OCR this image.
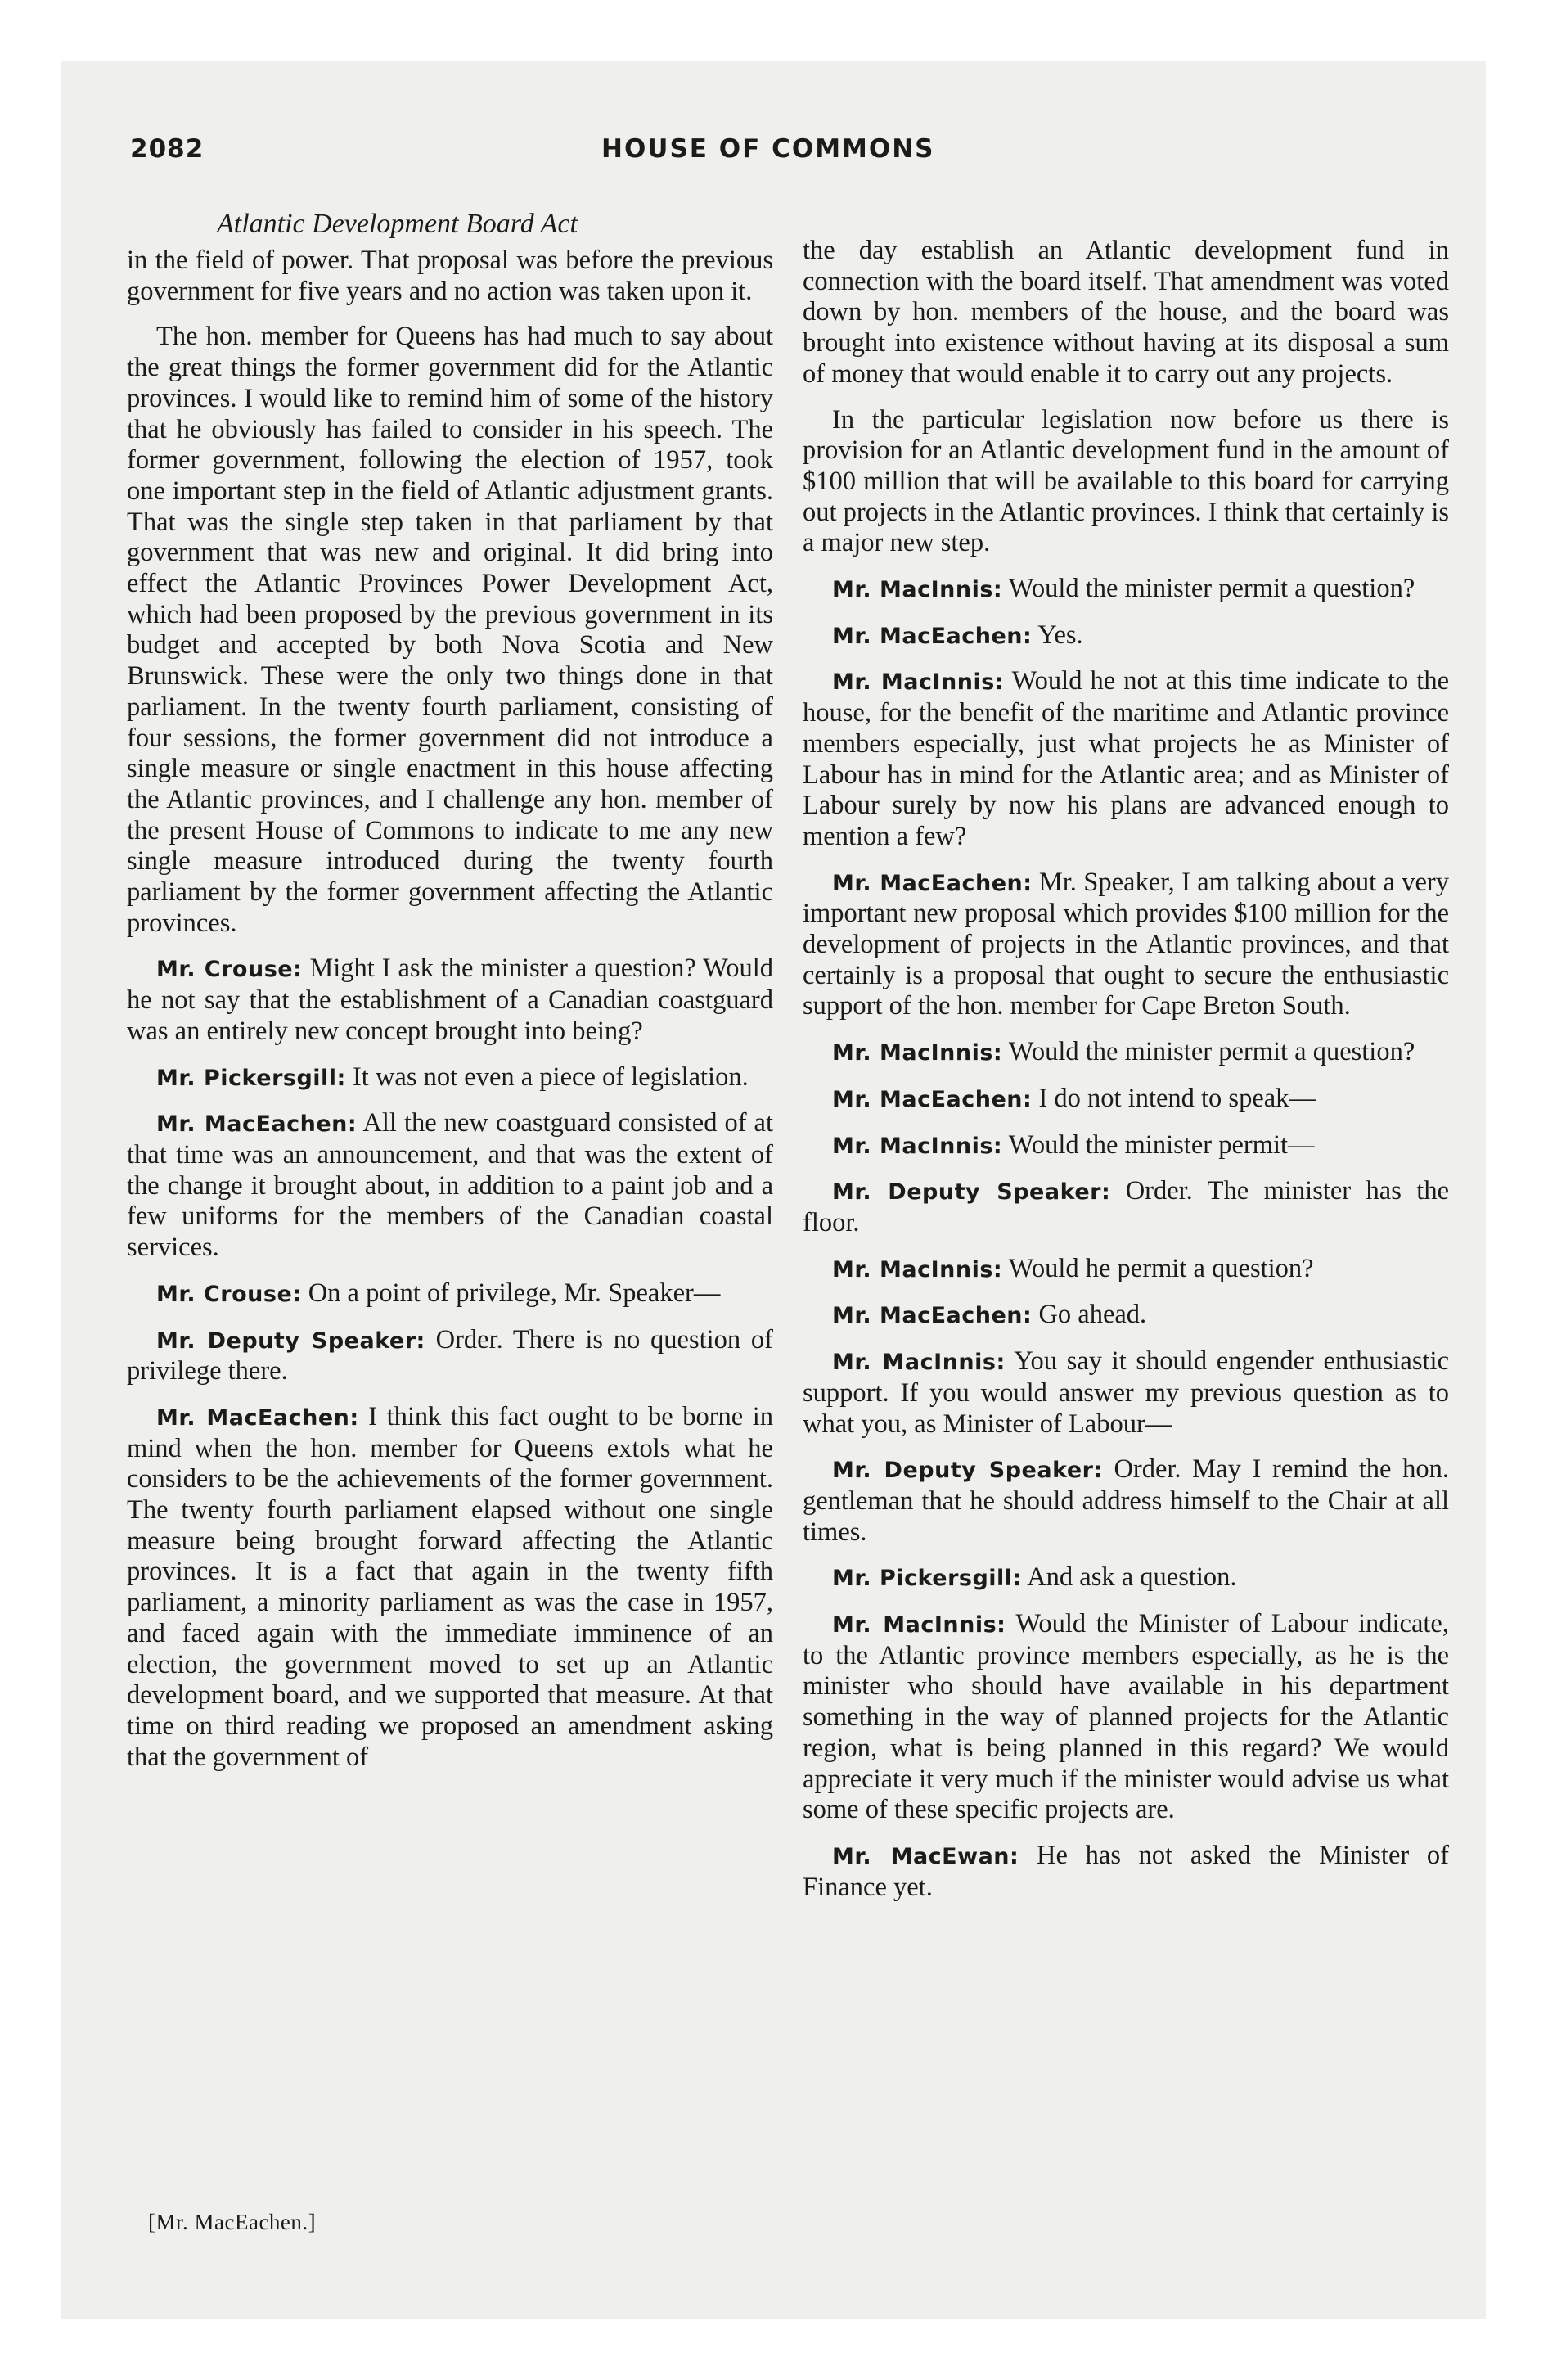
2082	HOUSE OF COMMONS
Atlantic Development Board Act

in the field of power. That proposal was before the previous government for five years and no action was taken upon it.

The hon. member for Queens has had much to say about the great things the former government did for the Atlantic provinces. I would like to remind him of some of the history that he obviously has failed to consider in his speech. The former government, following the election of 1957, took one important step in the field of Atlantic adjustment grants. That was the single step taken in that parliament by that government that was new and original. It did bring into effect the Atlantic Provinces Power Development Act, which had been proposed by the previous government in its budget and accepted by both Nova Scotia and New Brunswick. These were the only two things done in that parliament. In the twenty fourth parliament, consisting of four sessions, the former government did not introduce a single measure or single enactment in this house affecting the Atlantic provinces, and I challenge any hon. member of the present House of Commons to indicate to me any new single measure introduced during the twenty fourth parliament by the former government affecting the Atlantic provinces.

Mr. Crouse: Might I ask the minister a question? Would he not say that the establishment of a Canadian coastguard was an entirely new concept brought into being?

Mr. Pickersgill: It was not even a piece of legislation.

Mr. MacEachen: All the new coastguard consisted of at that time was an announcement, and that was the extent of the change it brought about, in addition to a paint job and a few uniforms for the members of the Canadian coastal services.

Mr. Crouse: On a point of privilege, Mr. Speaker—

Mr. Deputy Speaker: Order. There is no question of privilege there.

Mr. MacEachen: I think this fact ought to be borne in mind when the hon. member for Queens extols what he considers to be the achievements of the former government. The twenty fourth parliament elapsed without one single measure being brought forward affecting the Atlantic provinces. It is a fact that again in the twenty fifth parliament, a minority parliament as was the case in 1957, and faced again with the immediate imminence of an election, the government moved to set up an Atlantic development board, and we supported that measure. At that time on third reading we proposed an amendment asking that the government of

the day establish an Atlantic development fund in connection with the board itself. That amendment was voted down by hon. members of the house, and the board was brought into existence without having at its disposal a sum of money that would enable it to carry out any projects.

In the particular legislation now before us there is provision for an Atlantic development fund in the amount of $100 million that will be available to this board for carrying out projects in the Atlantic provinces. I think that certainly is a major new step.

Mr. MacInnis: Would the minister permit a question?

Mr. MacEachen: Yes.

Mr. MacInnis: Would he not at this time indicate to the house, for the benefit of the maritime and Atlantic province members especially, just what projects he as Minister of Labour has in mind for the Atlantic area; and as Minister of Labour surely by now his plans are advanced enough to mention a few?

Mr. MacEachen: Mr. Speaker, I am talking about a very important new proposal which provides $100 million for the development of projects in the Atlantic provinces, and that certainly is a proposal that ought to secure the enthusiastic support of the hon. member for Cape Breton South.

Mr. MacInnis: Would the minister permit a question?

Mr. MacEachen: I do not intend to speak—

Mr. MacInnis: Would the minister permit—

Mr. Deputy Speaker: Order. The minister has the floor.

Mr. MacInnis: Would he permit a question?

Mr. MacEachen: Go ahead.

Mr. MacInnis: You say it should engender enthusiastic support. If you would answer my previous question as to what you, as Minister of Labour—

Mr. Deputy Speaker: Order. May I remind the hon. gentleman that he should address himself to the Chair at all times.

Mr. Pickersgill: And ask a question.

Mr. MacInnis: Would the Minister of Labour indicate, to the Atlantic province members especially, as he is the minister who should have available in his department something in the way of planned projects for the Atlantic region, what is being planned in this regard? We would appreciate it very much if the minister would advise us what some of these specific projects are.

Mr. MacEwan: He has not asked the Minister of Finance yet.

[Mr. MacEachen.]
